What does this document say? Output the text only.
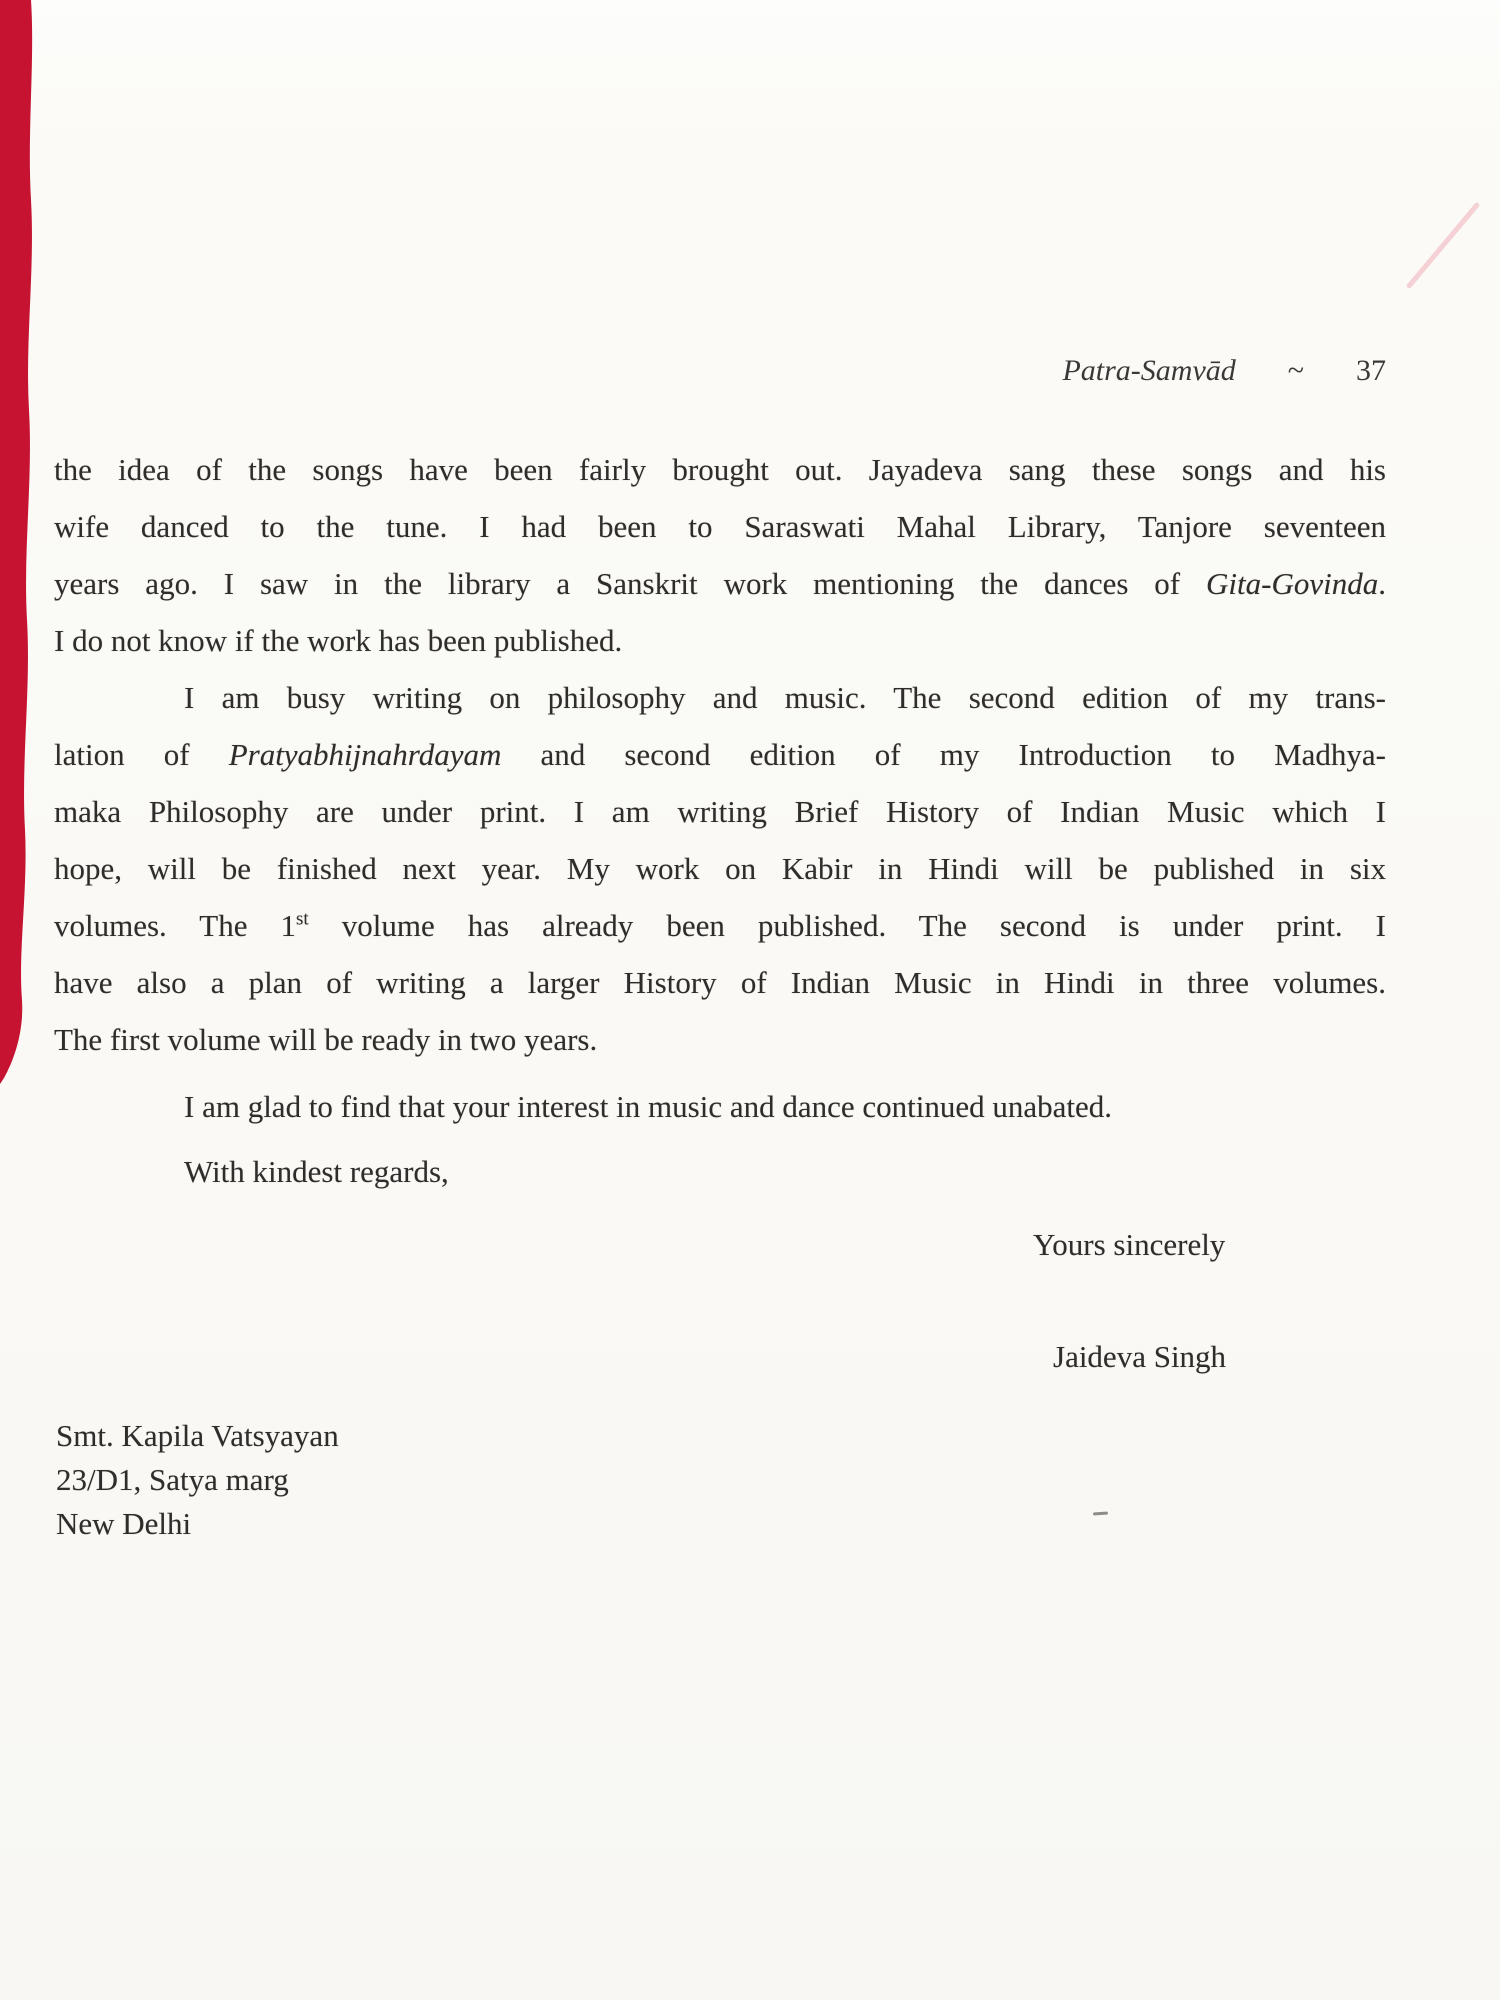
Patra-Samvād ~ 37
the idea of the songs have been fairly brought out. Jayadeva sang these songs and his
wife danced to the tune. I had been to Saraswati Mahal Library, Tanjore seventeen
years ago. I saw in the library a Sanskrit work mentioning the dances of Gita-Govinda.
I do not know if the work has been published.
I am busy writing on philosophy and music. The second edition of my trans-
lation of Pratyabhijnahrdayam and second edition of my Introduction to Madhya-
maka Philosophy are under print. I am writing Brief History of Indian Music which I
hope, will be finished next year. My work on Kabir in Hindi will be published in six
volumes. The 1st volume has already been published. The second is under print. I
have also a plan of writing a larger History of Indian Music in Hindi in three volumes.
The first volume will be ready in two years.
I am glad to find that your interest in music and dance continued unabated.
With kindest regards,
Yours sincerely
Jaideva Singh
Smt. Kapila Vatsyayan
23/D1, Satya marg
New Delhi
